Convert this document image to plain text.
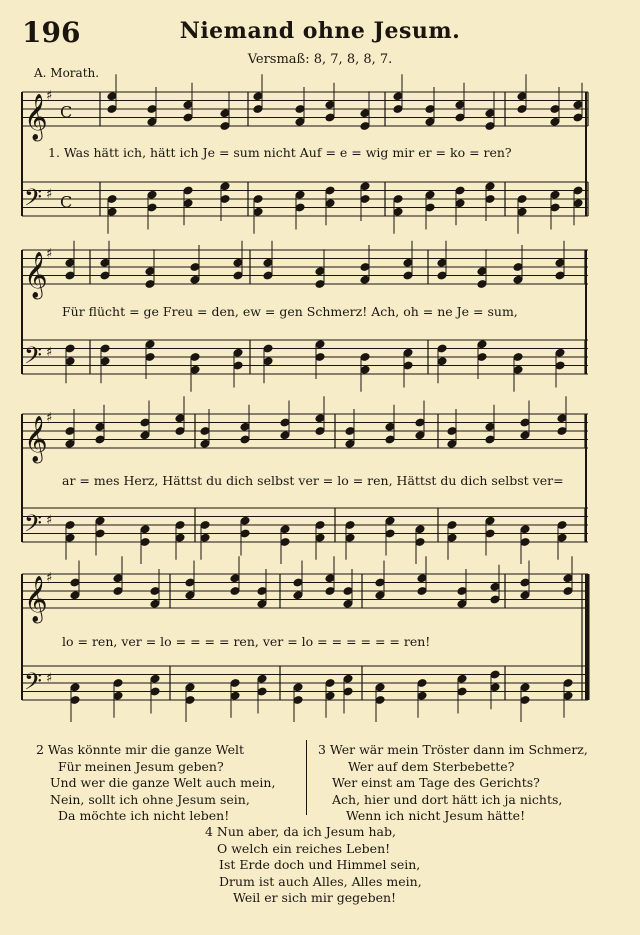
196	Niemand ohne Jesum.
Versmaß: 8, 7, 8, 8, 7.
A. Morath.
𝄞
♯
C
𝄢 ♯ C
𝄞
♯
𝄢 ♯
𝄞
♯
𝄢 ♯
𝄞
♯
𝄢 ♯
1. Was hätt ich, hätt ich Je = sum nicht Auf = e = wig mir er = ko = ren?
Für flücht = ge Freu = den, ew = gen Schmerz! Ach, oh = ne Je = sum,
ar = mes Herz, Hättst du dich selbst ver = lo = ren, Hättst du dich selbst ver=
lo = ren, ver = lo = = = = ren, ver = lo = = = = = = ren!
2 Was könnte mir die ganze Welt
Für meinen Jesum geben?
Und wer die ganze Welt auch mein,
Nein, sollt ich ohne Jesum sein,
Da möchte ich nicht leben!
3 Wer wär mein Tröster dann im Schmerz,
Wer auf dem Sterbebette?
Wer einst am Tage des Gerichts?
Ach, hier und dort hätt ich ja nichts,
Wenn ich nicht Jesum hätte!
4 Nun aber, da ich Jesum hab,
O welch ein reiches Leben!
Ist Erde doch und Himmel sein,
Drum ist auch Alles, Alles mein,
Weil er sich mir gegeben!
